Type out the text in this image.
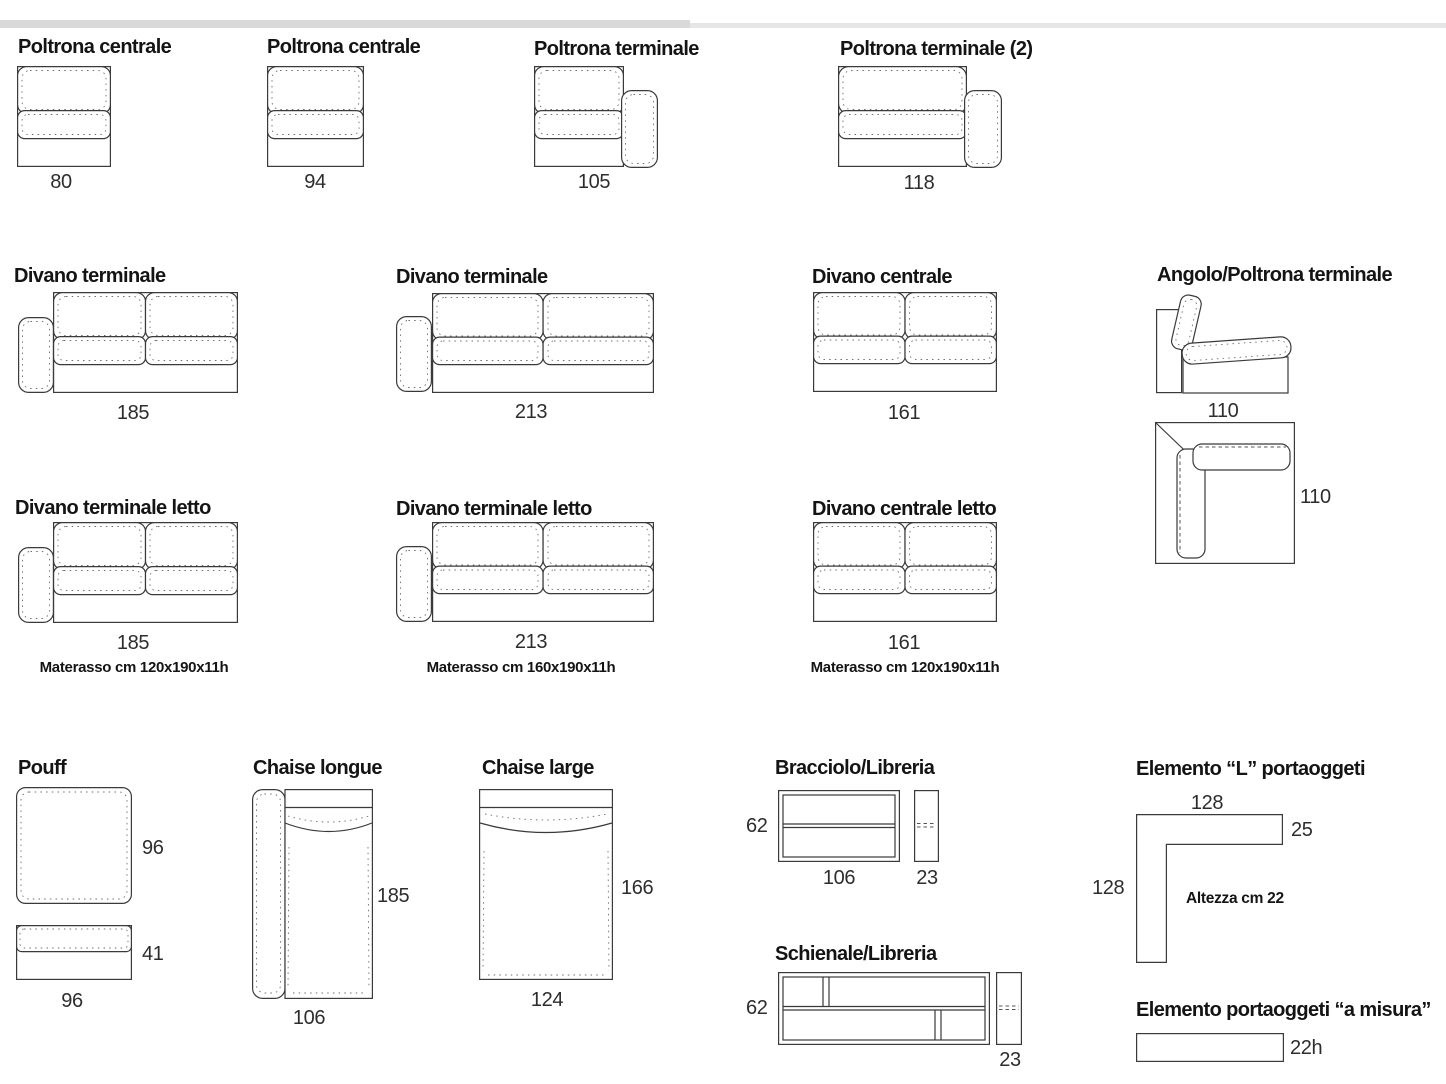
Poltrona centrale
80
Poltrona centrale
94
Poltrona terminale
105
Poltrona terminale (2)
118
Divano terminale
185
Divano terminale
213
Divano centrale
161
Angolo/Poltrona terminale
110
110
Divano terminale letto
185
Materasso cm 120x190x11h
Divano terminale letto
213
Materasso cm 160x190x11h
Divano centrale letto
161
Materasso cm 120x190x11h
Pouff
96
41
96
Chaise longue
185
106
Chaise large
166
124
Bracciolo/Libreria
62
106	23
Schienale/Libreria
62
23
Elemento “L” portaoggeti
128
25
128	Altezza cm 22
Elemento portaoggeti “a misura”
22h
